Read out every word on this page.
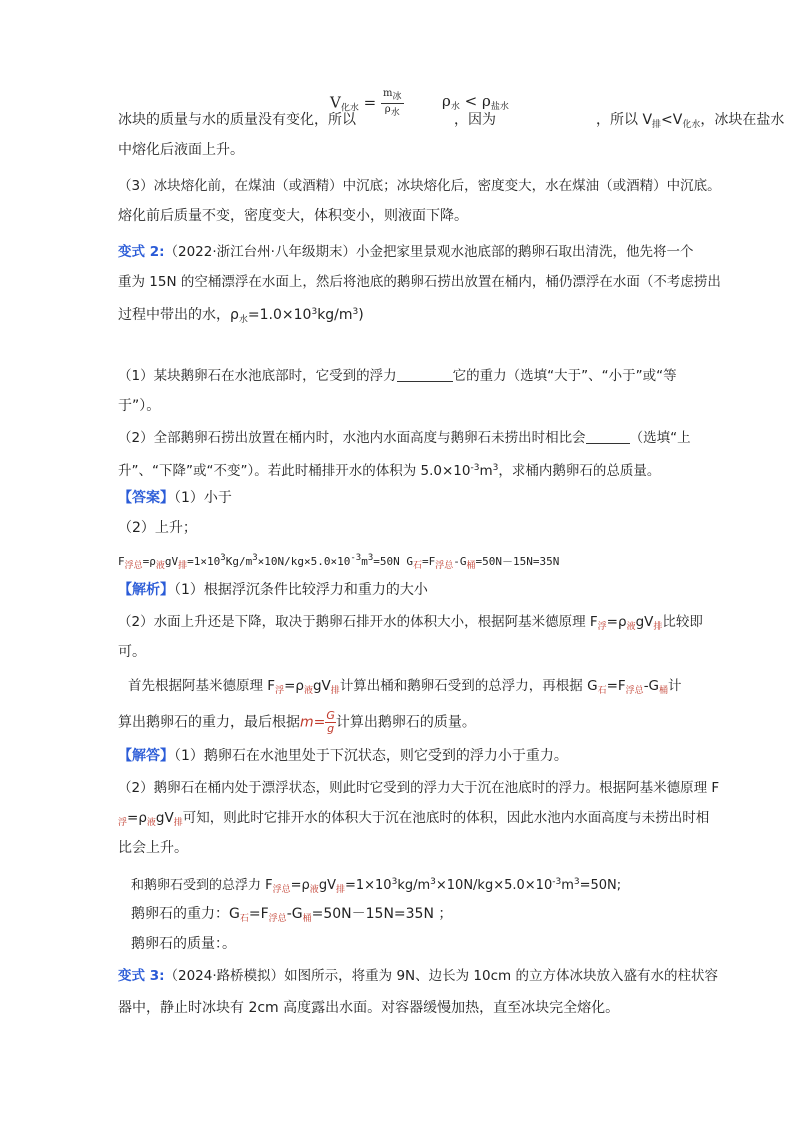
$V_{化水} = \frac{\text{m冰}}{\text{ρ水}}$	$\rho_水 < \rho_{盐水}$
冰块的质量与水的质量没有变化，所以	，因为	，所以 $V_排<V_{化水}$，冰块在盐水
中熔化后液面上升。
（3）冰块熔化前，在煤油（或酒精）中沉底；冰块熔化后，密度变大，水在煤油（或酒精）中沉底。
熔化前后质量不变，密度变大，体积变小，则液面下降。
变式 2:（2022·浙江台州·八年级期末）小金把家里景观水池底部的鹅卵石取出清洗，他先将一个
重为 15N 的空桶漂浮在水面上，然后将池底的鹅卵石捞出放置在桶内，桶仍漂浮在水面（不考虑捞出
过程中带出的水，$\rho_水=1.0\times 10^3kg/m^3$)
（1）某块鹅卵石在水池底部时，它受到的浮力	它的重力（选填“大于”、“小于”或“等
于”）。
（2）全部鹅卵石捞出放置在桶内时，水池内水面高度与鹅卵石未捞出时相比会	（选填“上
升”、“下降”或“不变”）。若此时桶排开水的体积为 $5.0\times 10^{-3}m^3$，求桶内鹅卵石的总质量。
【答案】（1）小于
（2）上升；
$F_{浮总}=\rho_液gV_排=1\times 10^3Kg/m^3\times 10N/kg\times 5.0\times 10^{-3}m^3=50N$ $G_石=F_{浮总}-G_桶=50N-15N=35N$
【解析】（1）根据浮沉条件比较浮力和重力的大小
（2）水面上升还是下降，取决于鹅卵石排开水的体积大小，根据阿基米德原理 $F_浮=\rho_液gV_排$比较即
可。
首先根据阿基米德原理 $F_浮=\rho_液gV_排$计算出桶和鹅卵石受到的总浮力，再根据 $G_石=F_{浮总}-G_桶$计
算出鹅卵石的重力，最后根据$m= \frac{G}{g}$ 计算出鹅卵石的质量。
【解答】（1）鹅卵石在水池里处于下沉状态，则它受到的浮力小于重力。
（2）鹅卵石在桶内处于漂浮状态，则此时它受到的浮力大于沉在池底时的浮力。根据阿基米德原理 F
$_浮=\rho_液gV_排$可知，则此时它排开水的体积大于沉在池底时的体积，因此水池内水面高度与未捞出时相
比会上升。
和鹅卵石受到的总浮力 $F_{浮总}=\rho_液gV_排=1\times 10^3kg/m^3\times 10N/kg\times 5.0\times 10^{-3}m^3=50N$;
鹅卵石的重力：$G_石=F_{浮总}-G_桶=50N-15N=35N$ ；
鹅卵石的质量：。
变式 3:（2024·路桥模拟）如图所示，将重为 9N、边长为 10cm 的立方体冰块放入盛有水的柱状容
器中，静止时冰块有 2cm 高度露出水面。对容器缓慢加热，直至冰块完全熔化。
